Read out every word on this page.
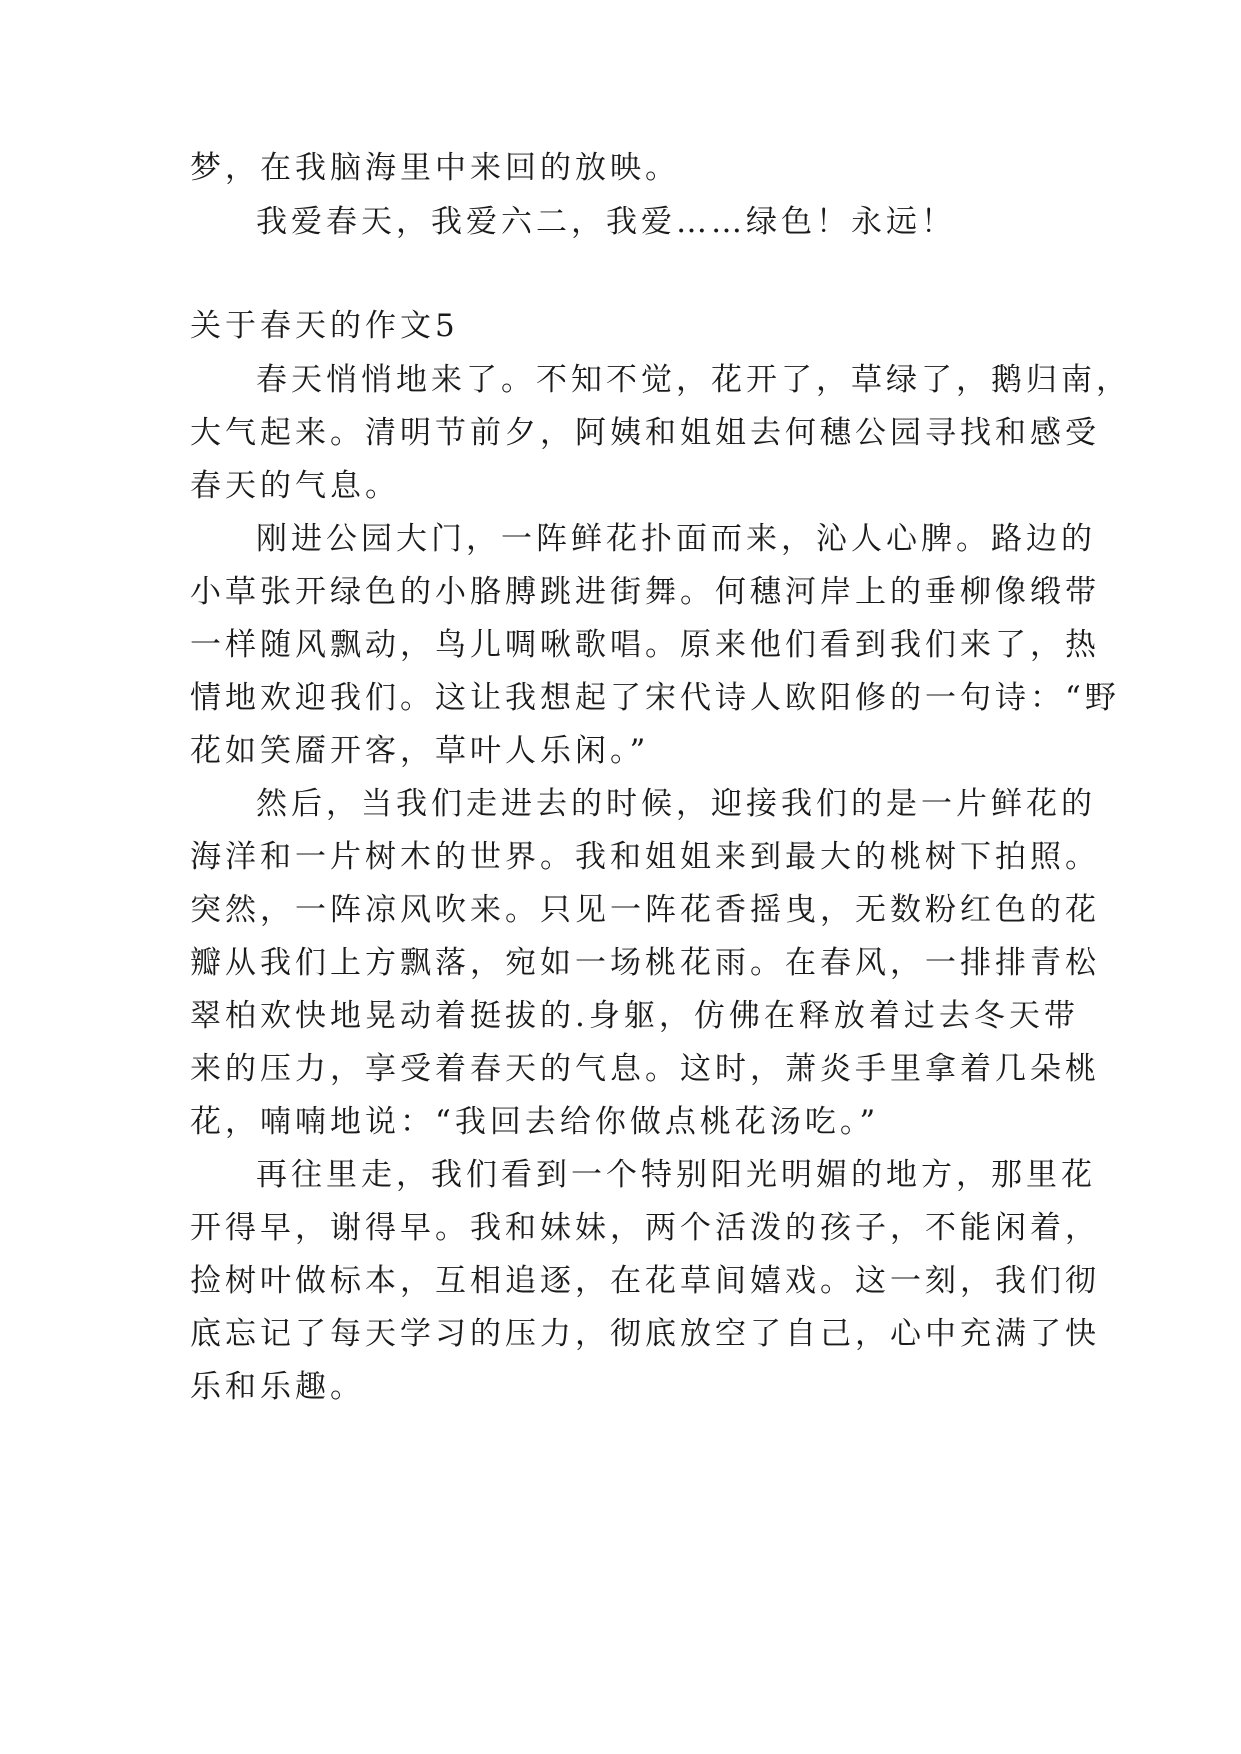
梦，在我脑海里中来回的放映。
我爱春天，我爱六二，我爱……绿色！永远！
关于春天的作文5
春天悄悄地来了。不知不觉，花开了，草绿了，鹅归南，
大气起来。清明节前夕，阿姨和姐姐去何穗公园寻找和感受
春天的气息。
刚进公园大门，一阵鲜花扑面而来，沁人心脾。路边的
小草张开绿色的小胳膊跳进街舞。何穗河岸上的垂柳像缎带
一样随风飘动，鸟儿啁啾歌唱。原来他们看到我们来了，热
情地欢迎我们。这让我想起了宋代诗人欧阳修的一句诗：“野
花如笑靥开客，草叶人乐闲。”
然后，当我们走进去的时候，迎接我们的是一片鲜花的
海洋和一片树木的世界。我和姐姐来到最大的桃树下拍照。
突然，一阵凉风吹来。只见一阵花香摇曳，无数粉红色的花
瓣从我们上方飘落，宛如一场桃花雨。在春风，一排排青松
翠柏欢快地晃动着挺拔的.身躯，仿佛在释放着过去冬天带
来的压力，享受着春天的气息。这时，萧炎手里拿着几朵桃
花，喃喃地说：“我回去给你做点桃花汤吃。”
再往里走，我们看到一个特别阳光明媚的地方，那里花
开得早，谢得早。我和妹妹，两个活泼的孩子，不能闲着，
捡树叶做标本，互相追逐，在花草间嬉戏。这一刻，我们彻
底忘记了每天学习的压力，彻底放空了自己，心中充满了快
乐和乐趣。
